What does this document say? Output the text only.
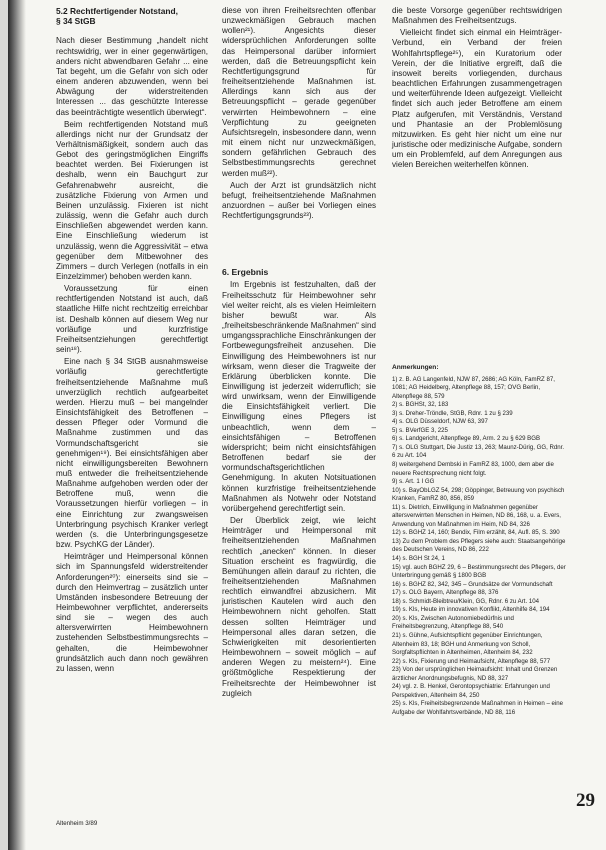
5.2 Rechtfertigender Notstand,
§ 34 StGB

Nach dieser Bestimmung „handelt nicht rechtswidrig, wer in einer gegenwärtigen, anders nicht abwendbaren Gefahr ... eine Tat begeht, um die Gefahr von sich oder einem anderen abzuwenden, wenn bei Abwägung der widerstreitenden Interessen ... das geschützte Interesse das beeinträchtigte wesentlich überwiegt“.

Beim rechtfertigenden Notstand muß allerdings nicht nur der Grundsatz der Verhältnismäßigkeit, sondern auch das Gebot des geringstmöglichen Eingriffs beachtet werden. Bei Fixierungen ist deshalb, wenn ein Bauchgurt zur Gefahrenabwehr ausreicht, die zusätzliche Fixierung von Armen und Beinen unzulässig. Fixieren ist nicht zulässig, wenn die Gefahr auch durch Einschließen abgewendet werden kann. Eine Einschließung wiederum ist unzulässig, wenn die Aggressivität – etwa gegenüber dem Mitbewohner des Zimmers – durch Verlegen (notfalls in ein Einzelzimmer) behoben werden kann.

Voraussetzung für einen rechtfertigenden Notstand ist auch, daß staatliche Hilfe nicht rechtzeitig erreichbar ist. Deshalb können auf diesem Weg nur vorläufige und kurzfristige Freiheitsentziehungen gerechtfertigt sein¹⁸).

Eine nach § 34 StGB ausnahmsweise vorläufig gerechtfertigte freiheitsentziehende Maßnahme muß unverzüglich rechtlich aufgearbeitet werden. Hierzu muß – bei mangelnder Einsichtsfähigkeit des Betroffenen – dessen Pfleger oder Vormund die Maßnahme zustimmen und das Vormundschaftsgericht sie genehmigen¹⁹). Bei einsichtsfähigen aber nicht einwilligungsbereiten Bewohnern muß entweder die freiheitsentziehende Maßnahme aufgehoben werden oder der Betroffene muß, wenn die Voraussetzungen hierfür vorliegen – in eine Einrichtung zur zwangsweisen Unterbringung psychisch Kranker verlegt werden (s. die Unterbringungsgesetze bzw. PsychKG der Länder).

Heimträger und Heimpersonal können sich im Spannungsfeld widerstreitender Anforderungen²⁰): einerseits sind sie – durch den Heimvertrag – zusätzlich unter Umständen insbesondere Betreuung der Heimbewohner verpflichtet, andererseits sind sie – wegen des auch altersverwirrten Heimbewohnern zustehenden Selbstbestimmungsrechts – gehalten, die Heimbewohner grundsätzlich auch dann noch gewähren zu lassen, wenn

diese von ihren Freiheitsrechten offenbar unzweckmäßigen Gebrauch machen wollen²¹). Angesichts dieser widersprüchlichen Anforderungen sollte das Heimpersonal darüber informiert werden, daß die Betreuungspflicht kein Rechtfertigungsgrund für freiheitsentziehende Maßnahmen ist. Allerdings kann sich aus der Betreuungspflicht – gerade gegenüber verwirrten Heimbewohnern – eine Verpflichtung zu geeigneten Aufsichtsregeln, insbesondere dann, wenn mit einem nicht nur unzweckmäßigen, sondern gefährlichen Gebrauch des Selbstbestimmungsrechts gerechnet werden muß²²).

Auch der Arzt ist grundsätzlich nicht befugt, freiheitsentziehende Maßnahmen anzuordnen – außer bei Vorliegen eines Rechtfertigungsgrunds²³).

6. Ergebnis

Im Ergebnis ist festzuhalten, daß der Freiheitsschutz für Heimbewohner sehr viel weiter reicht, als es vielen Heimleitern bisher bewußt war. Als „freiheitsbeschränkende Maßnahmen“ sind umgangssprachliche Einschränkungen der Fortbewegungsfreiheit anzusehen. Die Einwilligung des Heimbewohners ist nur wirksam, wenn dieser die Tragweite der Erklärung überblicken konnte. Die Einwilligung ist jederzeit widerruflich; sie wird unwirksam, wenn der Einwilligende die Einsichtsfähigkeit verliert. Die Einwilligung eines Pflegers ist unbeachtlich, wenn dem – einsichtsfähigen – Betroffenen widerspricht; beim nicht einsichtsfähigen Betroffenen bedarf sie der vormundschaftsgerichtlichen Genehmigung. In akuten Notsituationen können kurzfristige freiheitsentziehende Maßnahmen als Notwehr oder Notstand vorübergehend gerechtfertigt sein.

Der Überblick zeigt, wie leicht Heimträger und Heimpersonal mit freiheitsentziehenden Maßnahmen rechtlich „anecken“ können. In dieser Situation erscheint es fragwürdig, die Bemühungen allein darauf zu richten, die freiheitsentziehenden Maßnahmen rechtlich einwandfrei abzusichern. Mit juristischen Kautelen wird auch den Heimbewohnern nicht geholfen. Statt dessen sollten Heimträger und Heimpersonal alles daran setzen, die Schwierigkeiten mit desorientierten Heimbewohnern – soweit möglich – auf anderen Wegen zu meistern²⁴). Eine größtmögliche Respektierung der Freiheitsrechte der Heimbewohner ist zugleich

die beste Vorsorge gegenüber rechtswidrigen Maßnahmen des Freiheitsentzugs.

Vielleicht findet sich einmal ein Heimträger-Verbund, ein Verband der freien Wohlfahrtspflege²⁵), ein Kuratorium oder Verein, der die Initiative ergreift, daß die insoweit bereits vorliegenden, durchaus beachtlichen Erfahrungen zusammengetragen und weiterführende Ideen aufgezeigt. Vielleicht findet sich auch jeder Betroffene am einem Platz aufgerufen, mit Verständnis, Verstand und Phantasie an der Problemlösung mitzuwirken. Es geht hier nicht um eine nur juristische oder medizinische Aufgabe, sondern um ein Problemfeld, auf dem Anregungen aus vielen Bereichen weiterhelfen können.

Anmerkungen:
1) z. B. AG Langenfeld, NJW 87, 2686; AG Köln, FamRZ 87, 1081; AG Heidelberg, Altenpflege 88, 157; OVG Berlin, Altenpflege 88, 579
2) s. BGHSt, 32, 183
3) s. Dreher-Tröndle, StGB, Rdnr. 1 zu § 239
4) s. OLG Düsseldorf, NJW 63, 397
5) s. BVerfGE 3, 225
6) s. Landgericht, Altenpflege 89, Arm. 2 zu § 629 BGB
7) s. OLG Stuttgart, Die Justiz 13, 263; Maunz-Dürig, GG, Rdnr. 6 zu Art. 104
8) weitergehend Dembski in FamRZ 83, 1000, dem aber die neuere Rechtsprechung nicht folgt.
9) s. Art. 1 I GG
10) s. BayObLGZ 54, 298; Göppinger, Betreuung von psychisch Kranken, FamRZ 80, 856, 859
11) s. Dietrich, Einwilligung in Maßnahmen gegenüber altersverwirrten Menschen in Heimen, ND 86, 168, u. a. Evers, Anwendung von Maßnahmen im Heim, ND 84, 326
12) s. BGHZ 14, 160; Bendix, Film erzählt, 84, Aufl. 85, S. 390
13) Zu dem Problem des Pflegers siehe auch: Staatsangehörige des Deutschen Vereins, ND 86, 222
14) s. BGH St 24, 1
15) vgl. auch BGHZ 29, 6 – Bestimmungsrecht des Pflegers, der Unterbringung gemäß § 1800 BGB
16) s. BGHZ 82, 342, 345 – Grundsätze der Vormundschaft
17) s. OLG Bayern, Altenpflege 88, 376
18) s. Schmidt-Bleibtreu/Klein, GG, Rdnr. 6 zu Art. 104
19) s. Kls, Heute im innovativen Konflikt, Altenhilfe 84, 194
20) s. Kls, Zwischen Autonomiebedürfnis und Freiheitsbegrenzung, Altenpflege 88, 540
21) s. Gühne, Aufsichtspflicht gegenüber Einrichtungen, Altenheim 83, 18; BGH und Anmerkung von Scholl, Sorgfaltspflichten in Altenheimen, Altenheim 84, 232
22) s. Kls, Fixierung und Heimaufsicht, Altenpflege 88, 577
23) Von der ursprünglichen Heimaufsicht: Inhalt und Grenzen ärztlicher Anordnungsbefugnis, ND 88, 327
24) vgl. z. B. Henkel, Gerontopsychiatrie: Erfahrungen und Perspektiven, Altenheim 84, 250
25) s. Kls, Freiheitsbegrenzende Maßnahmen in Heimen – eine Aufgabe der Wohlfahrtsverbände, ND 88, 116
29
Altenheim 3/89
